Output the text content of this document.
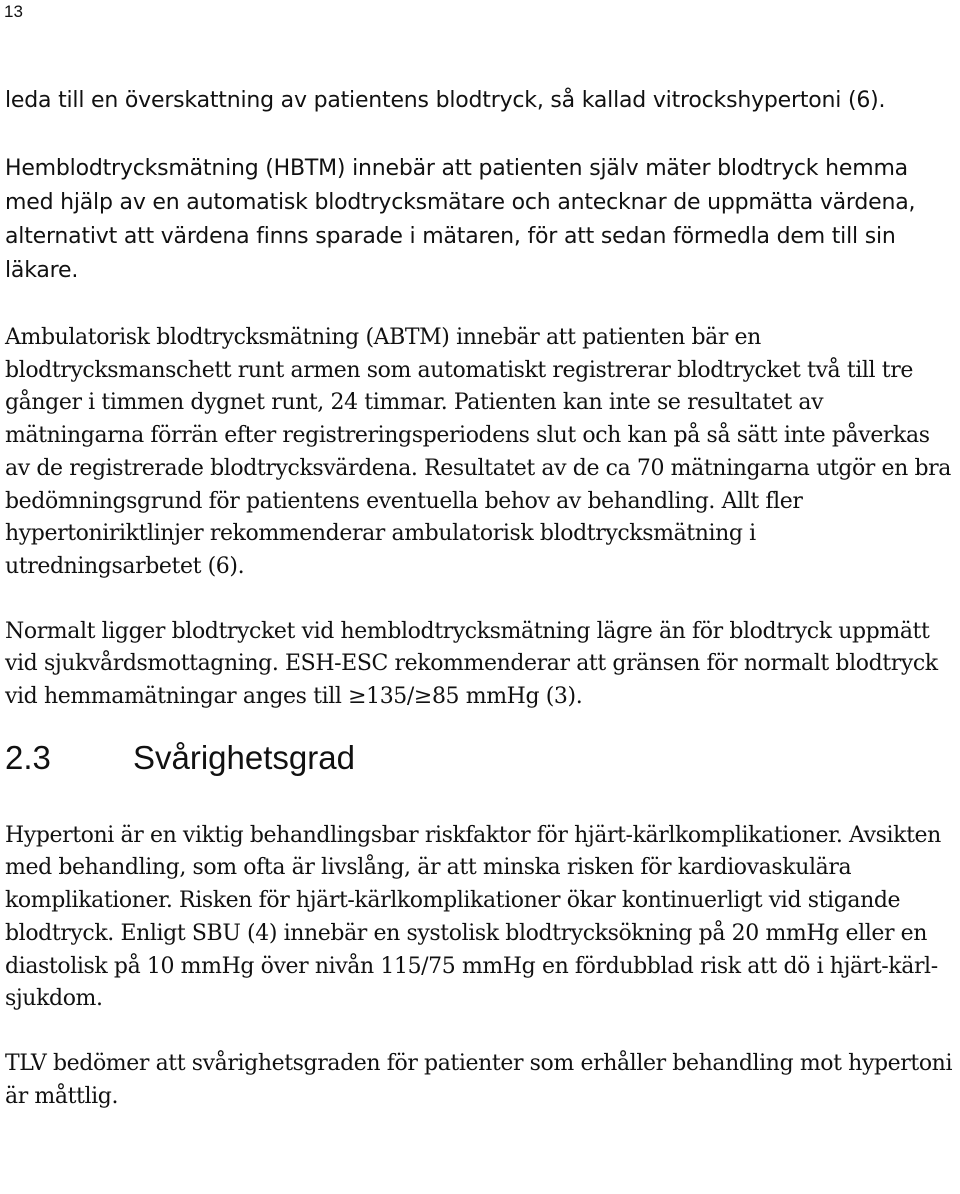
13

leda till en överskattning av patientens blodtryck, så kallad vitrockshypertoni (6).

Hemblodtrycksmätning (HBTM) innebär att patienten själv mäter blodtryck hemma med hjälp av en automatisk blodtrycksmätare och antecknar de uppmätta värdena, alternativt att värdena finns sparade i mätaren, för att sedan förmedla dem till sin läkare.

Ambulatorisk blodtrycksmätning (ABTM) innebär att patienten bär en blodtrycksmanschett runt armen som automatiskt registrerar blodtrycket två till tre gånger i timmen dygnet runt, 24 timmar. Patienten kan inte se resultatet av mätningarna förrän efter registreringsperiodens slut och kan på så sätt inte påverkas av de registrerade blodtrycksvärdena. Resultatet av de ca 70 mätningarna utgör en bra bedömningsgrund för patientens eventuella behov av behandling. Allt fler hypertoniriktlinjer rekommenderar ambulatorisk blodtrycksmätning i utredningsarbetet (6).

Normalt ligger blodtrycket vid hemblodtrycksmätning lägre än för blodtryck uppmätt vid sjukvårdsmottagning. ESH-ESC rekommenderar att gränsen för normalt blodtryck vid hemmamätningar anges till ≥135/≥85 mmHg (3).

2.3 Svårighetsgrad

Hypertoni är en viktig behandlingsbar riskfaktor för hjärt-kärlkomplikationer. Avsikten med behandling, som ofta är livslång, är att minska risken för kardiovaskulära komplikationer. Risken för hjärt-kärlkomplikationer ökar kontinuerligt vid stigande blodtryck. Enligt SBU (4) innebär en systolisk blodtrycksökning på 20 mmHg eller en diastolisk på 10 mmHg över nivån 115/75 mmHg en fördubblad risk att dö i hjärt-kärl-sjukdom.

TLV bedömer att svårighetsgraden för patienter som erhåller behandling mot hypertoni är måttlig.
